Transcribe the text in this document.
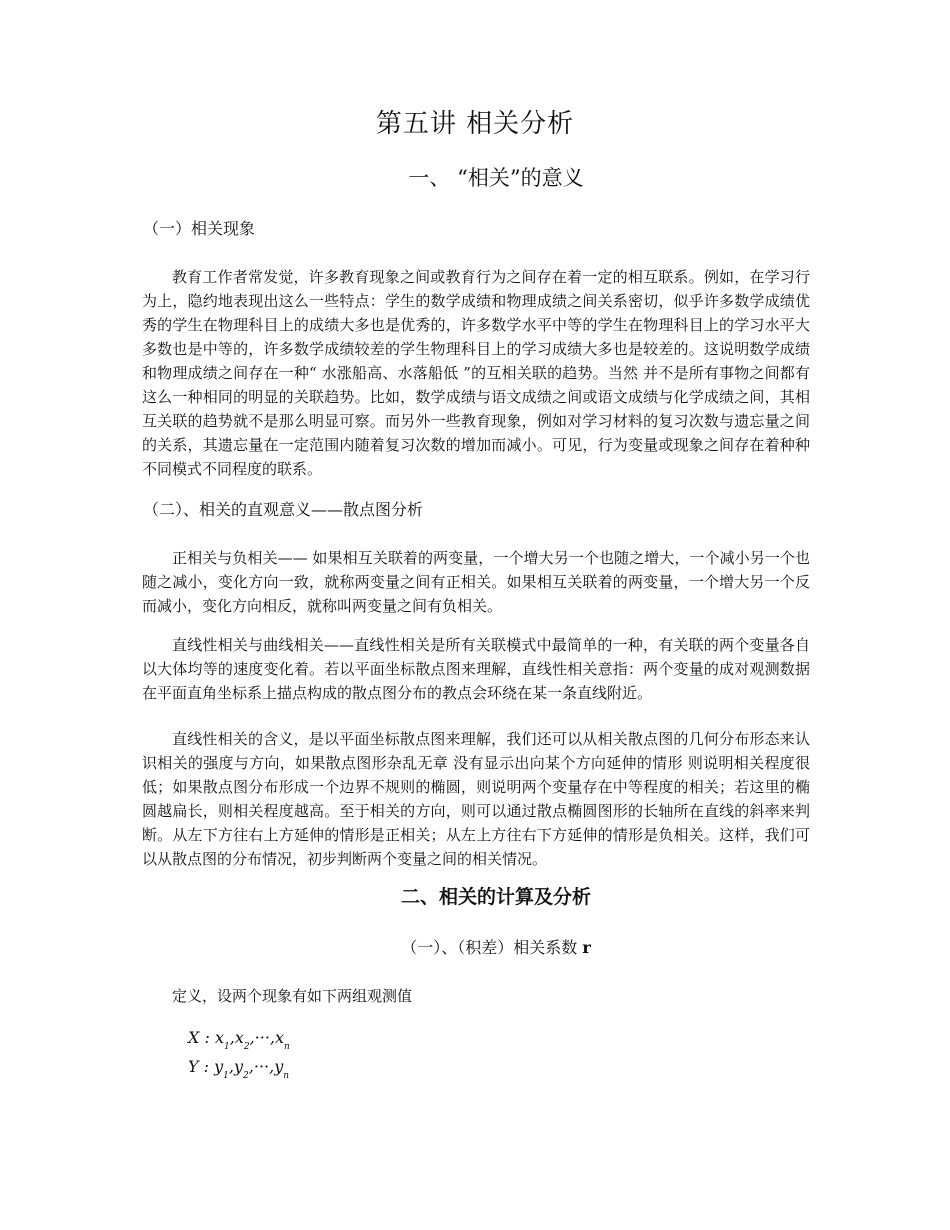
第五讲 相关分析
一、 “相关”的意义
（一）相关现象

教育工作者常发觉，许多教育现象之间或教育行为之间存在着一定的相互联系。例如，在学习行为上，隐约地表现出这么一些特点：学生的数学成绩和物理成绩之间关系密切，似乎许多数学成绩优秀的学生在物理科目上的成绩大多也是优秀的，许多数学水平中等的学生在物理科目上的学习水平大多数也是中等的，许多数学成绩较差的学生物理科目上的学习成绩大多也是较差的。这说明数学成绩和物理成绩之间存在一种“ 水涨船高、水落船低 ”的互相关联的趋势。当然 并不是所有事物之间都有这么一种相同的明显的关联趋势。比如，数学成绩与语文成绩之间或语文成绩与化学成绩之间，其相互关联的趋势就不是那么明显可察。而另外一些教育现象，例如对学习材料的复习次数与遗忘量之间的关系，其遗忘量在一定范围内随着复习次数的增加而减小。可见，行为变量或现象之间存在着种种不同模式不同程度的联系。

（二）、相关的直观意义——散点图分析

正相关与负相关—— 如果相互关联着的两变量，一个增大另一个也随之增大，一个减小另一个也随之减小，变化方向一致，就称两变量之间有正相关。如果相互关联着的两变量，一个增大另一个反而减小，变化方向相反，就称叫两变量之间有负相关。

直线性相关与曲线相关——直线性相关是所有关联模式中最简单的一种，有关联的两个变量各自以大体均等的速度变化着。若以平面坐标散点图来理解，直线性相关意指：两个变量的成对观测数据在平面直角坐标系上描点构成的散点图分布的教点会环绕在某一条直线附近。

直线性相关的含义，是以平面坐标散点图来理解，我们还可以从相关散点图的几何分布形态来认识相关的强度与方向，如果散点图形杂乱无章 没有显示出向某个方向延伸的情形 则说明相关程度很低；如果散点图分布形成一个边界不规则的椭圆，则说明两个变量存在中等程度的相关；若这里的椭圆越扁长，则相关程度越高。至于相关的方向，则可以通过散点椭圆图形的长轴所在直线的斜率来判断。从左下方往右上方延伸的情形是正相关；从左上方往右下方延伸的情形是负相关。这样，我们可以从散点图的分布情况，初步判断两个变量之间的相关情况。

二、相关的计算及分析
（一）、（积差）相关系数 r
定义，设两个现象有如下两组观测值
X : $x_1,x_2,\cdot\cdot\cdot,x_n$
Y : $y_1,y_2,\cdot\cdot\cdot,y_n$
